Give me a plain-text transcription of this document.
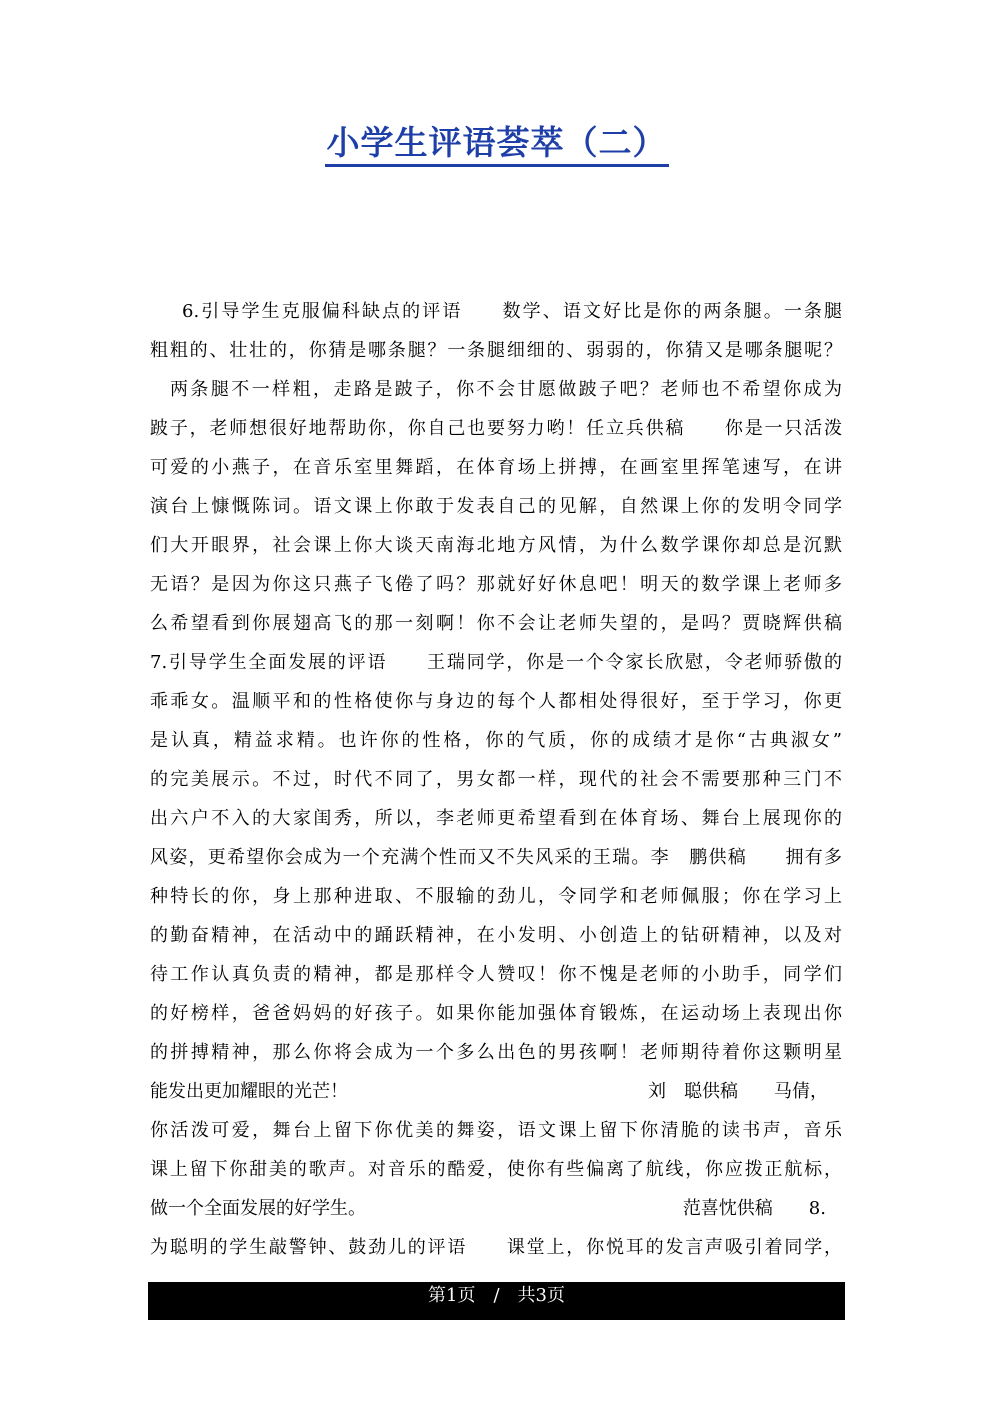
小学生评语荟萃（二）
6.引导学生克服偏科缺点的评语　　数学、语文好比是你的两条腿。一条腿
粗粗的、壮壮的，你猜是哪条腿？一条腿细细的、弱弱的，你猜又是哪条腿呢？
两条腿不一样粗，走路是跛子，你不会甘愿做跛子吧？老师也不希望你成为
跛子，老师想很好地帮助你，你自己也要努力哟！任立兵供稿　　你是一只活泼
可爱的小燕子，在音乐室里舞蹈，在体育场上拼搏，在画室里挥笔速写，在讲
演台上慷慨陈词。语文课上你敢于发表自己的见解，自然课上你的发明令同学
们大开眼界，社会课上你大谈天南海北地方风情，为什么数学课你却总是沉默
无语？是因为你这只燕子飞倦了吗？那就好好休息吧！明天的数学课上老师多
么希望看到你展翅高飞的那一刻啊！你不会让老师失望的，是吗？贾晓辉供稿
7.引导学生全面发展的评语　　王瑞同学，你是一个令家长欣慰，令老师骄傲的
乖乖女。温顺平和的性格使你与身边的每个人都相处得很好，至于学习，你更
是认真，精益求精。也许你的性格，你的气质，你的成绩才是你“古典淑女”
的完美展示。不过，时代不同了，男女都一样，现代的社会不需要那种三门不
出六户不入的大家闺秀，所以，李老师更希望看到在体育场、舞台上展现你的
风姿，更希望你会成为一个充满个性而又不失风采的王瑞。李　鹏供稿　　拥有多
种特长的你，身上那种进取、不服输的劲儿，令同学和老师佩服；你在学习上
的勤奋精神，在活动中的踊跃精神，在小发明、小创造上的钻研精神，以及对
待工作认真负责的精神，都是那样令人赞叹！你不愧是老师的小助手，同学们
的好榜样，爸爸妈妈的好孩子。如果你能加强体育锻炼，在运动场上表现出你
的拼搏精神，那么你将会成为一个多么出色的男孩啊！老师期待着你这颗明星
能发出更加耀眼的光芒！	刘　聪供稿　　马倩，
你活泼可爱，舞台上留下你优美的舞姿，语文课上留下你清脆的读书声，音乐
课上留下你甜美的歌声。对音乐的酷爱，使你有些偏离了航线，你应拨正航标，
做一个全面发展的好学生。	范喜忱供稿　　8.
为聪明的学生敲警钟、鼓劲儿的评语　　课堂上，你悦耳的发言声吸引着同学，
第1页　/　共3页
